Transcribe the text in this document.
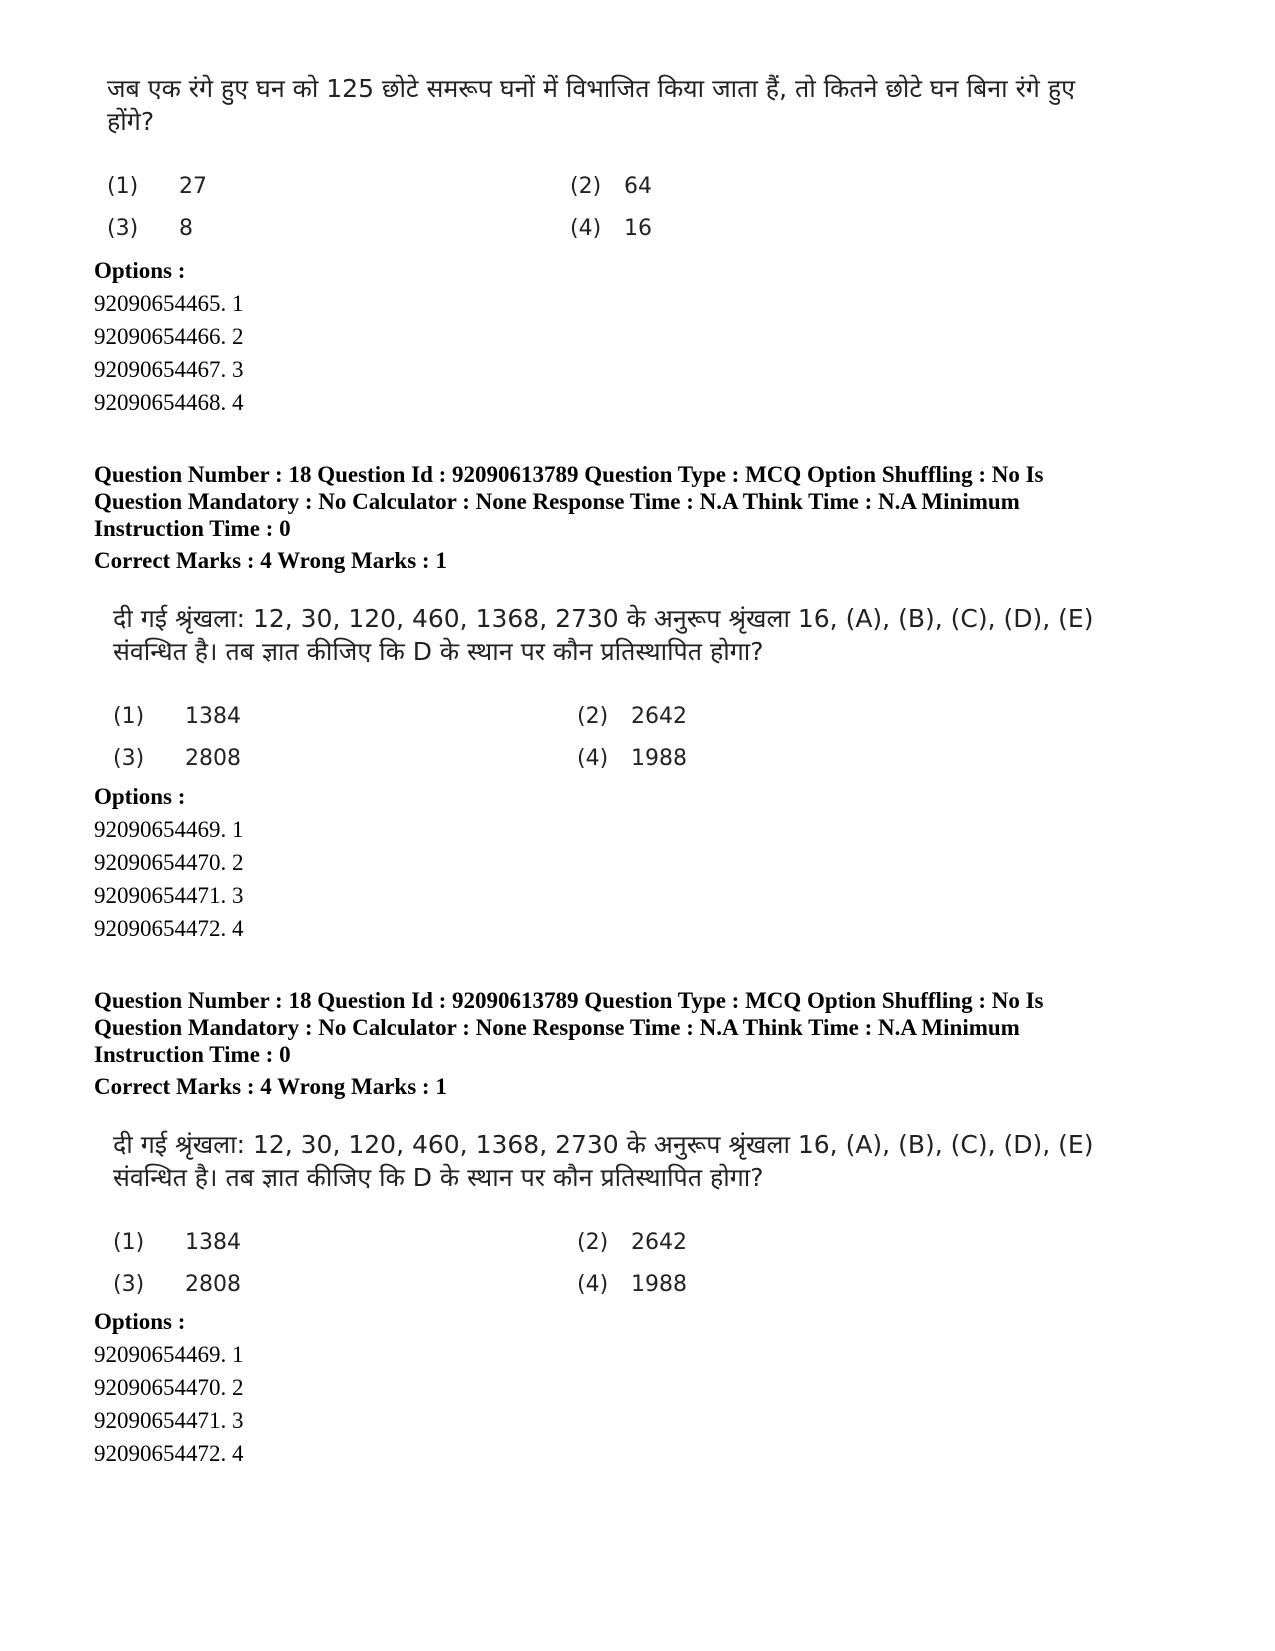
जब एक रंगे हुए घन को 125 छोटे समरूप घनों में विभाजित किया जाता हैं, तो कितने छोटे घन बिना रंगे हुए होंगे?

(1) 27	(2) 64
(3) 8	(4) 16
Options :
92090654465. 1
92090654466. 2
92090654467. 3
92090654468. 4
Question Number : 18 Question Id : 92090613789 Question Type : MCQ Option Shuffling : No Is Question Mandatory : No Calculator : None Response Time : N.A Think Time : N.A Minimum Instruction Time : 0
Correct Marks : 4 Wrong Marks : 1

दी गई श्रृंखला: 12, 30, 120, 460, 1368, 2730 के अनुरूप श्रृंखला 16, (A), (B), (C), (D), (E) संवन्धित है। तब ज्ञात कीजिए कि D के स्थान पर कौन प्रतिस्थापित होगा?

(1) 1384	(2) 2642
(3) 2808	(4) 1988
Options :
92090654469. 1
92090654470. 2
92090654471. 3
92090654472. 4
Question Number : 18 Question Id : 92090613789 Question Type : MCQ Option Shuffling : No Is Question Mandatory : No Calculator : None Response Time : N.A Think Time : N.A Minimum Instruction Time : 0
Correct Marks : 4 Wrong Marks : 1

दी गई श्रृंखला: 12, 30, 120, 460, 1368, 2730 के अनुरूप श्रृंखला 16, (A), (B), (C), (D), (E) संवन्धित है। तब ज्ञात कीजिए कि D के स्थान पर कौन प्रतिस्थापित होगा?

(1) 1384	(2) 2642
(3) 2808	(4) 1988
Options :
92090654469. 1
92090654470. 2
92090654471. 3
92090654472. 4
